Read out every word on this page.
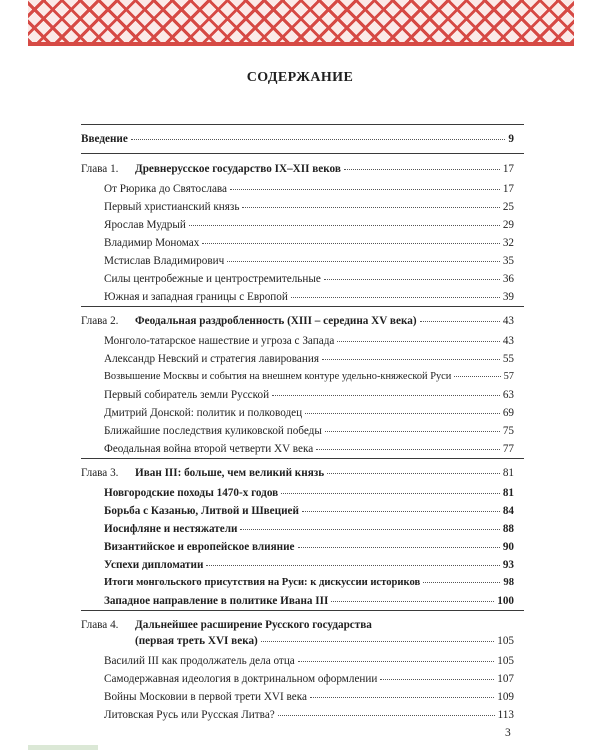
СОДЕРЖАНИЕ
Введение	9
Глава 1.	Древнерусское государство IX–XII веков	17
От Рюрика до Святослава	17
Первый христианский князь	25
Ярослав Мудрый	29
Владимир Мономах	32
Мстислав Владимирович	35
Силы центробежные и центростремительные	36
Южная и западная границы с Европой	39
Глава 2.	Феодальная раздробленность (XIII – середина XV века)	43
Монголо-татарское нашествие и угроза с Запада	43
Александр Невский и стратегия лавирования	55
Возвышение Москвы и события на внешнем контуре удельно-княжеской Руси	57
Первый собиратель земли Русской	63
Дмитрий Донской: политик и полководец	69
Ближайшие последствия куликовской победы	75
Феодальная война второй четверти XV века	77
Глава 3.	Иван III: больше, чем великий князь	81
Новгородские походы 1470-х годов	81
Борьба с Казанью, Литвой и Швецией	84
Иосифляне и нестяжатели	88
Византийское и европейское влияние	90
Успехи дипломатии	93
Итоги монгольского присутствия на Руси: к дискуссии историков	98
Западное направление в политике Ивана III	100
Глава 4.	Дальнейшее расширение Русского государства
(первая треть XVI века)	105
Василий III как продолжатель дела отца	105
Самодержавная идеология в доктринальном оформлении	107
Войны Московии в первой трети XVI века	109
Литовская Русь или Русская Литва?	113
3
